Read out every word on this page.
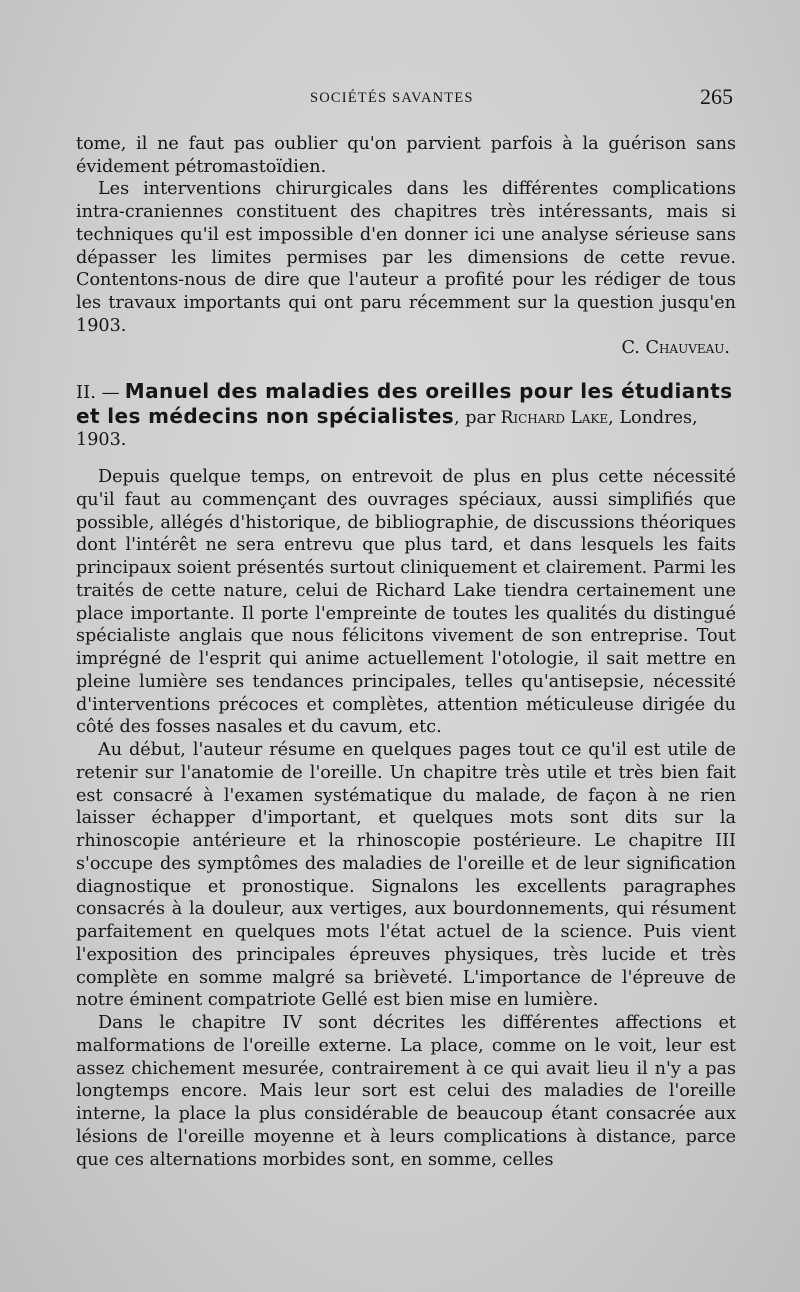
SOCIÉTÉS SAVANTES	265

tome, il ne faut pas oublier qu'on parvient parfois à la guérison sans évidement pétromastoïdien.

Les interventions chirurgicales dans les différentes complications intra-craniennes constituent des chapitres très intéressants, mais si techniques qu'il est impossible d'en donner ici une analyse sérieuse sans dépasser les limites permises par les dimensions de cette revue. Contentons-nous de dire que l'auteur a profité pour les rédiger de tous les travaux importants qui ont paru récemment sur la question jusqu'en 1903.

C. Chauveau.

II. — Manuel des maladies des oreilles pour les étudiants et les médecins non spécialistes, par Richard Lake, Londres, 1903.

Depuis quelque temps, on entrevoit de plus en plus cette nécessité qu'il faut au commençant des ouvrages spéciaux, aussi simplifiés que possible, allégés d'historique, de bibliographie, de discussions théoriques dont l'intérêt ne sera entrevu que plus tard, et dans lesquels les faits principaux soient présentés surtout cliniquement et clairement. Parmi les traités de cette nature, celui de Richard Lake tiendra certainement une place importante. Il porte l'empreinte de toutes les qualités du distingué spécialiste anglais que nous félicitons vivement de son entreprise. Tout imprégné de l'esprit qui anime actuellement l'otologie, il sait mettre en pleine lumière ses tendances principales, telles qu'antisepsie, nécessité d'interventions précoces et complètes, attention méticuleuse dirigée du côté des fosses nasales et du cavum, etc.

Au début, l'auteur résume en quelques pages tout ce qu'il est utile de retenir sur l'anatomie de l'oreille. Un chapitre très utile et très bien fait est consacré à l'examen systématique du malade, de façon à ne rien laisser échapper d'important, et quelques mots sont dits sur la rhinoscopie antérieure et la rhinoscopie postérieure. Le chapitre III s'occupe des symptômes des maladies de l'oreille et de leur signification diagnostique et pronostique. Signalons les excellents paragraphes consacrés à la douleur, aux vertiges, aux bourdonnements, qui résument parfaitement en quelques mots l'état actuel de la science. Puis vient l'exposition des principales épreuves physiques, très lucide et très complète en somme malgré sa brièveté. L'importance de l'épreuve de notre éminent compatriote Gellé est bien mise en lumière.

Dans le chapitre IV sont décrites les différentes affections et malformations de l'oreille externe. La place, comme on le voit, leur est assez chichement mesurée, contrairement à ce qui avait lieu il n'y a pas longtemps encore. Mais leur sort est celui des maladies de l'oreille interne, la place la plus considérable de beaucoup étant consacrée aux lésions de l'oreille moyenne et à leurs complications à distance, parce que ces alternations morbides sont, en somme, celles
